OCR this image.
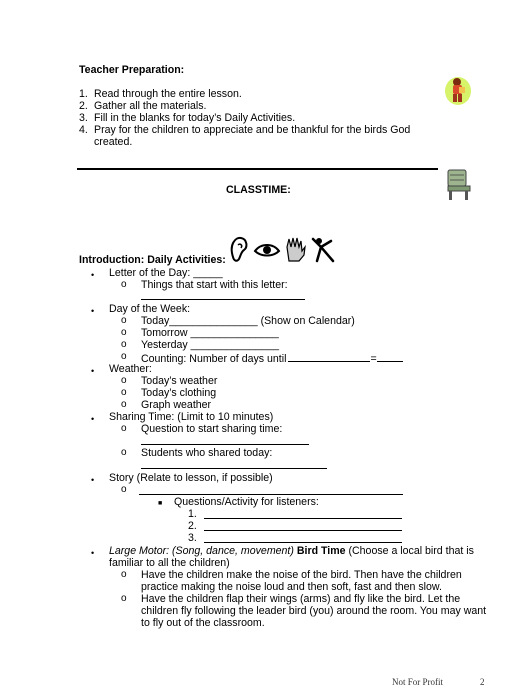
Teacher Preparation:
1. Read through the entire lesson.
2. Gather all the materials.
3. Fill in the blanks for today’s Daily Activities.
4. Pray for the children to appreciate and be thankful for the birds God
created.
CLASSTIME:
Introduction: Daily Activities:
• Letter of the Day: _____
o Things that start with this letter:
• Day of the Week:
o Today_______________ (Show on Calendar)
o Tomorrow _______________
o Yesterday _______________
o Counting: Number of days until	=
• Weather:
o Today’s weather
o Today’s clothing
o Graph weather
• Sharing Time: (Limit to 10 minutes)
o Question to start sharing time:
o Students who shared today:
• Story (Relate to lesson, if possible)
o
■ Questions/Activity for listeners:
1.
2.
3.
• Large Motor: (Song, dance, movement) Bird Time (Choose a local bird that is
familiar to all the children)
o Have the children make the noise of the bird. Then have the children
practice making the noise loud and then soft, fast and then slow.
o Have the children flap their wings (arms) and fly like the bird. Let the
children fly following the leader bird (you) around the room. You may want
to fly out of the classroom.
Not For Profit	2
